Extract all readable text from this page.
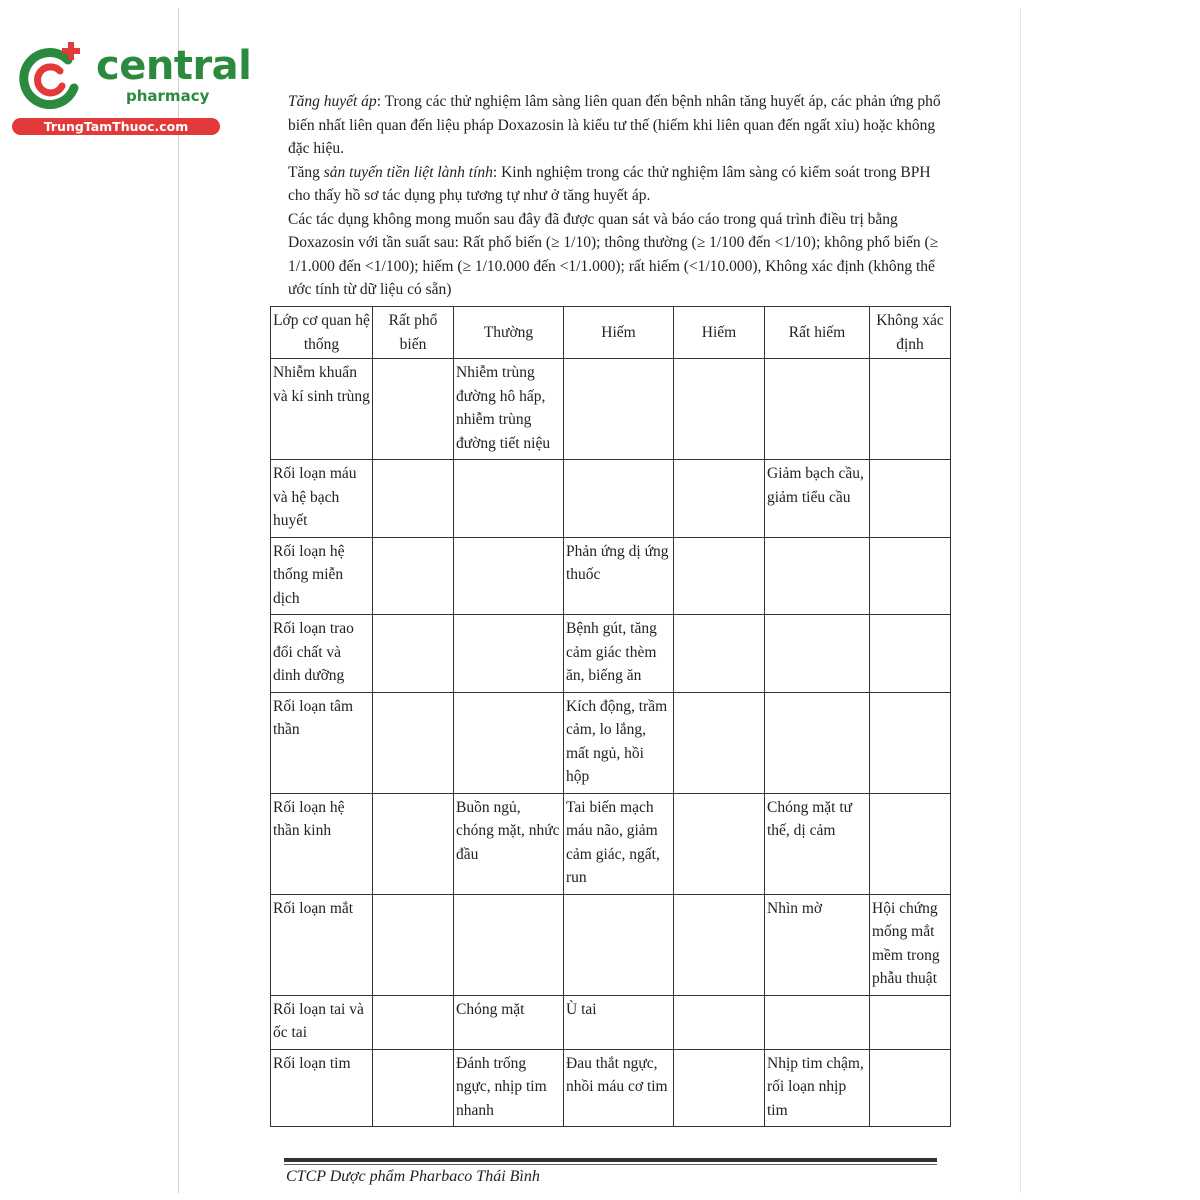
central
pharmacy
TrungTamThuoc.com

Tăng huyết áp: Trong các thử nghiệm lâm sàng liên quan đến bệnh nhân tăng huyết áp, các phản ứng phổ biến nhất liên quan đến liệu pháp Doxazosin là kiểu tư thế (hiếm khi liên quan đến ngất xỉu) hoặc không đặc hiệu.

Tăng sản tuyến tiền liệt lành tính: Kinh nghiệm trong các thử nghiệm lâm sàng có kiểm soát trong BPH cho thấy hồ sơ tác dụng phụ tương tự như ở tăng huyết áp.

Các tác dụng không mong muốn sau đây đã được quan sát và báo cáo trong quá trình điều trị bằng Doxazosin với tần suất sau: Rất phổ biến (≥ 1/10); thông thường (≥ 1/100 đến <1/10); không phổ biến (≥ 1/1.000 đến <1/100); hiếm (≥ 1/10.000 đến <1/1.000); rất hiếm (<1/10.000), Không xác định (không thể ước tính từ dữ liệu có sẵn)

Lớp cơ quan hệ thống	Rất phổ biến	Thường	Hiếm	Hiếm	Rất hiếm	Không xác định
Nhiễm khuẩn và kí sinh trùng		Nhiễm trùng đường hô hấp, nhiễm trùng đường tiết niệu				
Rối loạn máu và hệ bạch huyết					Giảm bạch cầu, giảm tiểu cầu	
Rối loạn hệ thống miễn dịch			Phản ứng dị ứng thuốc			
Rối loạn trao đổi chất và dinh dưỡng			Bệnh gút, tăng cảm giác thèm ăn, biếng ăn			
Rối loạn tâm thần			Kích động, trầm cảm, lo lắng, mất ngủ, hồi hộp			
Rối loạn hệ thần kinh		Buồn ngủ, chóng mặt, nhức đầu	Tai biến mạch máu não, giảm cảm giác, ngất, run		Chóng mặt tư thế, dị cảm	
Rối loạn mắt					Nhìn mờ	Hội chứng mống mắt mềm trong phẫu thuật
Rối loạn tai và ốc tai		Chóng mặt	Ù tai			
Rối loạn tim		Đánh trống ngực, nhịp tim nhanh	Đau thắt ngực, nhồi máu cơ tim		Nhịp tim chậm, rối loạn nhịp tim	
CTCP Dược phẩm Pharbaco Thái Bình
